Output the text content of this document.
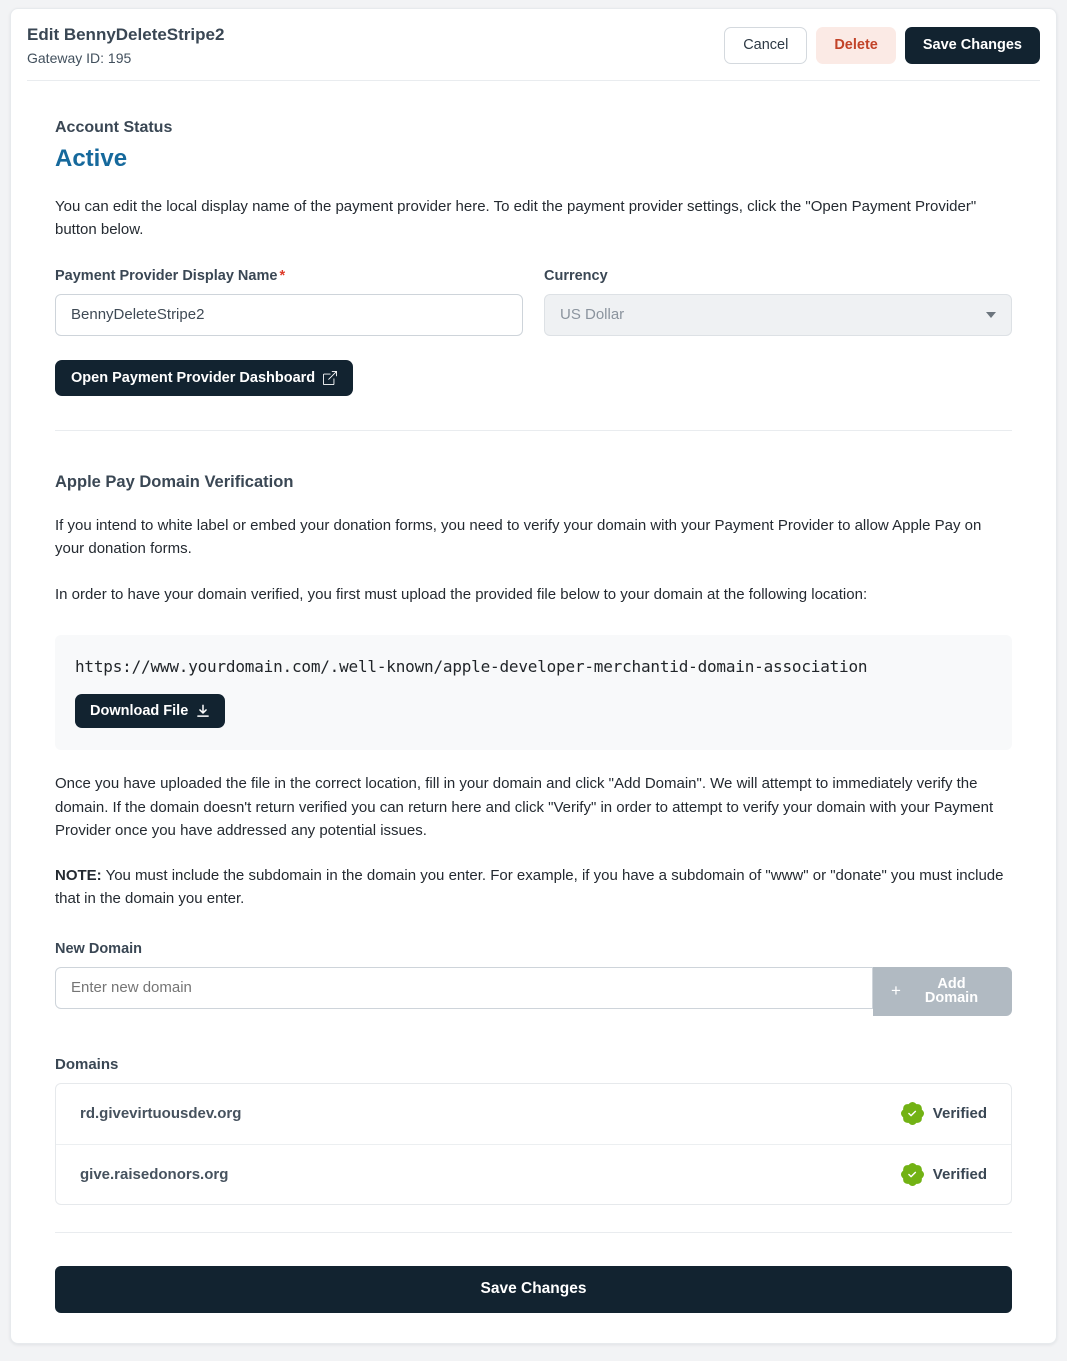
Edit BennyDeleteStripe2
Gateway ID: 195
Cancel	Delete	Save Changes
Account Status
Active

You can edit the local display name of the payment provider here. To edit the payment provider settings, click the "Open Payment Provider" button below.

Payment Provider Display Name *
BennyDeleteStripe2	Currency
US Dollar
Open Payment Provider Dashboard
Apple Pay Domain Verification

If you intend to white label or embed your donation forms, you need to verify your domain with your Payment Provider to allow Apple Pay on your donation forms.

In order to have your domain verified, you first must upload the provided file below to your domain at the following location:

https://www.yourdomain.com/.well-known/apple-developer-merchantid-domain-association
Download File

Once you have uploaded the file in the correct location, fill in your domain and click "Add Domain". We will attempt to immediately verify the domain. If the domain doesn't return verified you can return here and click "Verify" in order to attempt to verify your domain with your Payment Provider once you have addressed any potential issues.

NOTE: You must include the subdomain in the domain you enter. For example, if you have a subdomain of "www" or "donate" you must include that in the domain you enter.

New Domain
Enter new domain
+	Add Domain
Domains
rd.givevirtuousdev.org	Verified
give.raisedonors.org	Verified
Save Changes
